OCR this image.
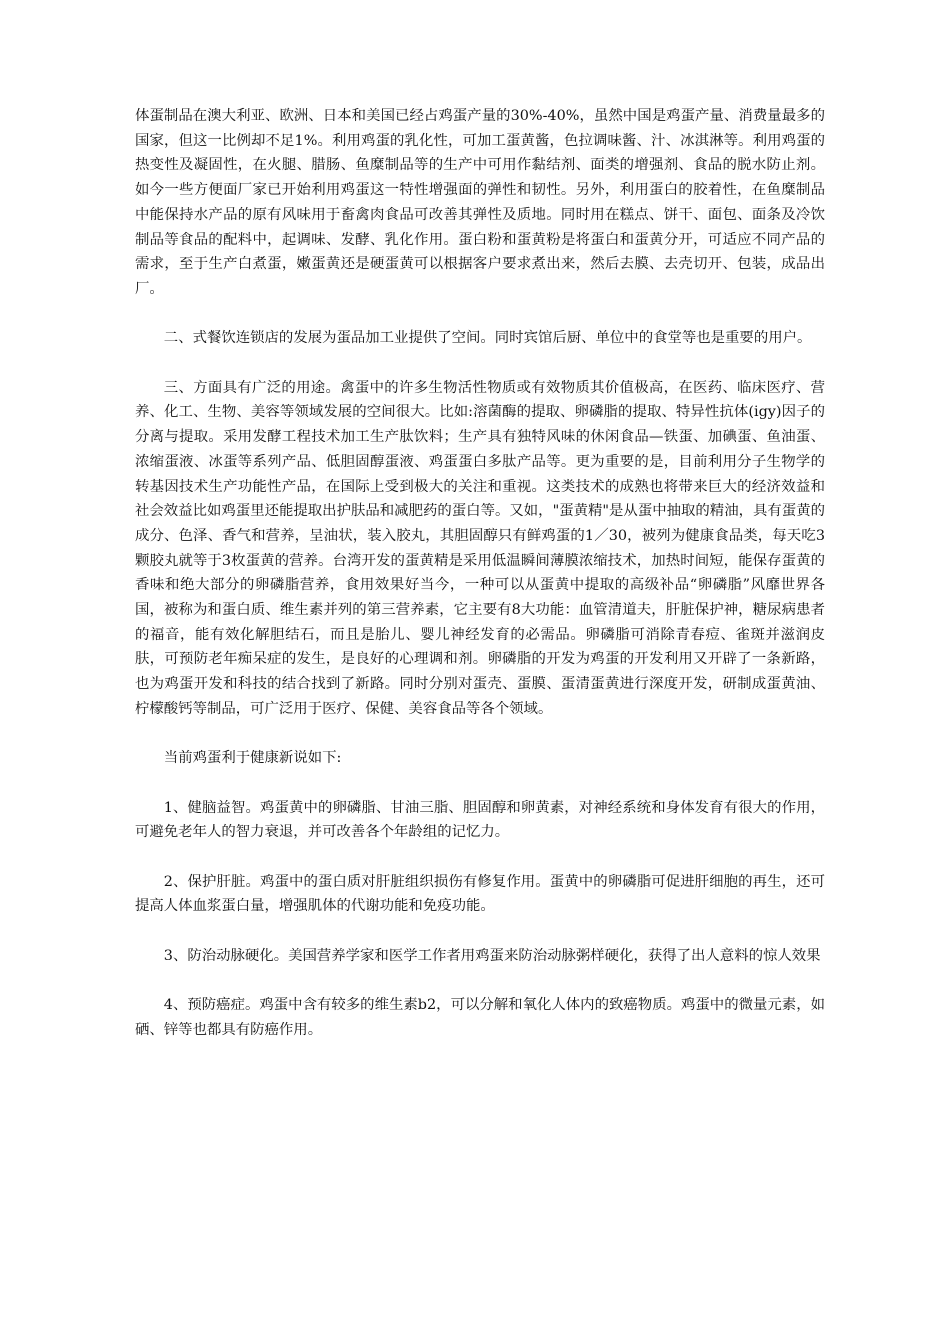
体蛋制品在澳大利亚、欧洲、日本和美国已经占鸡蛋产量的30%-40%，虽然中国是鸡蛋产量、消费量最多的国家，但这一比例却不足1%。利用鸡蛋的乳化性，可加工蛋黄酱，色拉调味酱、汁、冰淇淋等。利用鸡蛋的热变性及凝固性，在火腿、腊肠、鱼糜制品等的生产中可用作黏结剂、面类的增强剂、食品的脱水防止剂。如今一些方便面厂家已开始利用鸡蛋这一特性增强面的弹性和韧性。另外，利用蛋白的胶着性，在鱼糜制品中能保持水产品的原有风味用于畜禽肉食品可改善其弹性及质地。同时用在糕点、饼干、面包、面条及冷饮制品等食品的配料中，起调味、发酵、乳化作用。蛋白粉和蛋黄粉是将蛋白和蛋黄分开，可适应不同产品的需求，至于生产白煮蛋，嫩蛋黄还是硬蛋黄可以根据客户要求煮出来，然后去膜、去壳切开、包装，成品出厂。

二、式餐饮连锁店的发展为蛋品加工业提供了空间。同时宾馆后厨、单位中的食堂等也是重要的用户。

三、方面具有广泛的用途。禽蛋中的许多生物活性物质或有效物质其价值极高，在医药、临床医疗、营养、化工、生物、美容等领域发展的空间很大。比如:溶菌酶的提取、卵磷脂的提取、特异性抗体(igy)因子的分离与提取。采用发酵工程技术加工生产肽饮料；生产具有独特风味的休闲食品—铁蛋、加碘蛋、鱼油蛋、浓缩蛋液、冰蛋等系列产品、低胆固醇蛋液、鸡蛋蛋白多肽产品等。更为重要的是，目前利用分子生物学的转基因技术生产功能性产品，在国际上受到极大的关注和重视。这类技术的成熟也将带来巨大的经济效益和社会效益比如鸡蛋里还能提取出护肤品和减肥药的蛋白等。又如，"蛋黄精"是从蛋中抽取的精油，具有蛋黄的成分、色泽、香气和营养，呈油状，装入胶丸，其胆固醇只有鲜鸡蛋的1／30，被列为健康食品类，每天吃3颗胶丸就等于3枚蛋黄的营养。台湾开发的蛋黄精是采用低温瞬间薄膜浓缩技术，加热时间短，能保存蛋黄的香味和绝大部分的卵磷脂营养，食用效果好当今，一种可以从蛋黄中提取的高级补品“卵磷脂”风靡世界各国，被称为和蛋白质、维生素并列的第三营养素，它主要有8大功能：血管清道夫，肝脏保护神，糖尿病患者的福音，能有效化解胆结石，而且是胎儿、婴儿神经发育的必需品。卵磷脂可消除青春痘、雀斑并滋润皮肤，可预防老年痴呆症的发生，是良好的心理调和剂。卵磷脂的开发为鸡蛋的开发利用又开辟了一条新路，也为鸡蛋开发和科技的结合找到了新路。同时分别对蛋壳、蛋膜、蛋清蛋黄进行深度开发，研制成蛋黄油、柠檬酸钙等制品，可广泛用于医疗、保健、美容食品等各个领域。

当前鸡蛋利于健康新说如下:

1、健脑益智。鸡蛋黄中的卵磷脂、甘油三脂、胆固醇和卵黄素，对神经系统和身体发育有很大的作用，可避免老年人的智力衰退，并可改善各个年龄组的记忆力。

2、保护肝脏。鸡蛋中的蛋白质对肝脏组织损伤有修复作用。蛋黄中的卵磷脂可促进肝细胞的再生，还可提高人体血浆蛋白量，增强肌体的代谢功能和免疫功能。

3、防治动脉硬化。美国营养学家和医学工作者用鸡蛋来防治动脉粥样硬化，获得了出人意料的惊人效果

4、预防癌症。鸡蛋中含有较多的维生素b2，可以分解和氧化人体内的致癌物质。鸡蛋中的微量元素，如硒、锌等也都具有防癌作用。
